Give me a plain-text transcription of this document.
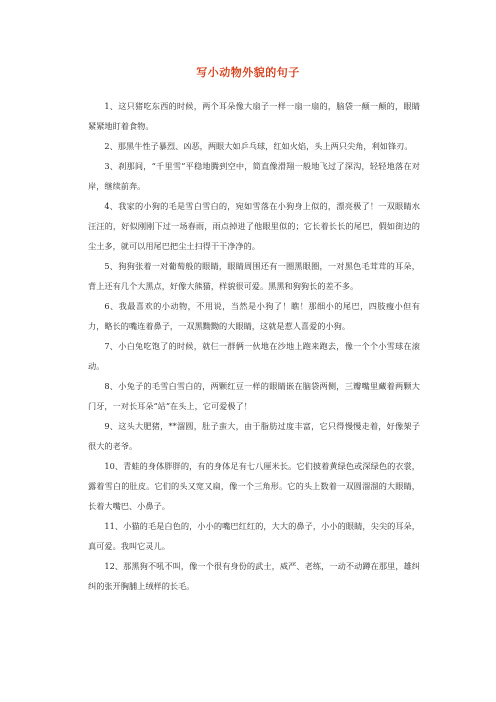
写小动物外貌的句子

1、这只猪吃东西的时候，两个耳朵像大扇子一样一扇一扇的，脑袋一颠一颠的，眼睛紧紧地盯着食物。

2、那黑牛性子暴烈、凶恶，两眼大如乒乓球，红如火焰，头上两只尖角，利如锋刃。

3、刹那间，“千里雪”平稳地腾到空中，简直像滑翔一般地飞过了深沟，轻轻地落在对岸，继续前奔。

4、我家的小狗的毛是雪白雪白的，宛如雪落在小狗身上似的，漂亮极了！一双眼睛水汪汪的，好似刚刚下过一场春雨，雨点掉进了他眼里似的；它长着长长的尾巴，假如街边的尘土多，就可以用尾巴把尘土扫得干干净净的。

5、狗狗张着一对葡萄般的眼睛，眼睛周围还有一圈黑眼圈，一对黑色毛茸茸的耳朵，背上还有几个大黑点，好像大熊猫，样貌很可爱。黑黑和狗狗长的差不多。

6、我最喜欢的小动物，不用说，当然是小狗了！瞧！那细小的尾巴，四肢瘦小但有力，略长的嘴连着鼻子，一双黑黝黝的大眼睛，这就是惹人喜爱的小狗。

7、小白兔吃饱了的时候，就仨一群俩一伙地在沙地上跑来跑去，像一个个小雪球在滚动。

8、小兔子的毛雪白雪白的，两颗红豆一样的眼睛嵌在脑袋两侧，三瓣嘴里藏着两颗大门牙，一对长耳朵“站”在头上，它可爱极了！

9、这头大肥猪，**溜圆，肚子蛮大，由于脂肪过度丰富，它只得慢慢走着，好像架子很大的老爷。

10、青蛙的身体胖胖的，有的身体足有七八厘米长。它们披着黄绿色或深绿色的衣裳，露着雪白的肚皮。它们的头又宽又扁，像一个三角形。它的头上数着一双圆溜溜的大眼睛，长着大嘴巴、小鼻子。

11、小猫的毛是白色的，小小的嘴巴红红的，大大的鼻子，小小的眼睛，尖尖的耳朵，真可爱。我叫它灵儿。

12、那黑狗不吼不叫，像一个很有身份的武士，威严、老练，一动不动蹲在那里，雄纠纠的张开胸脯上绒样的长毛。
